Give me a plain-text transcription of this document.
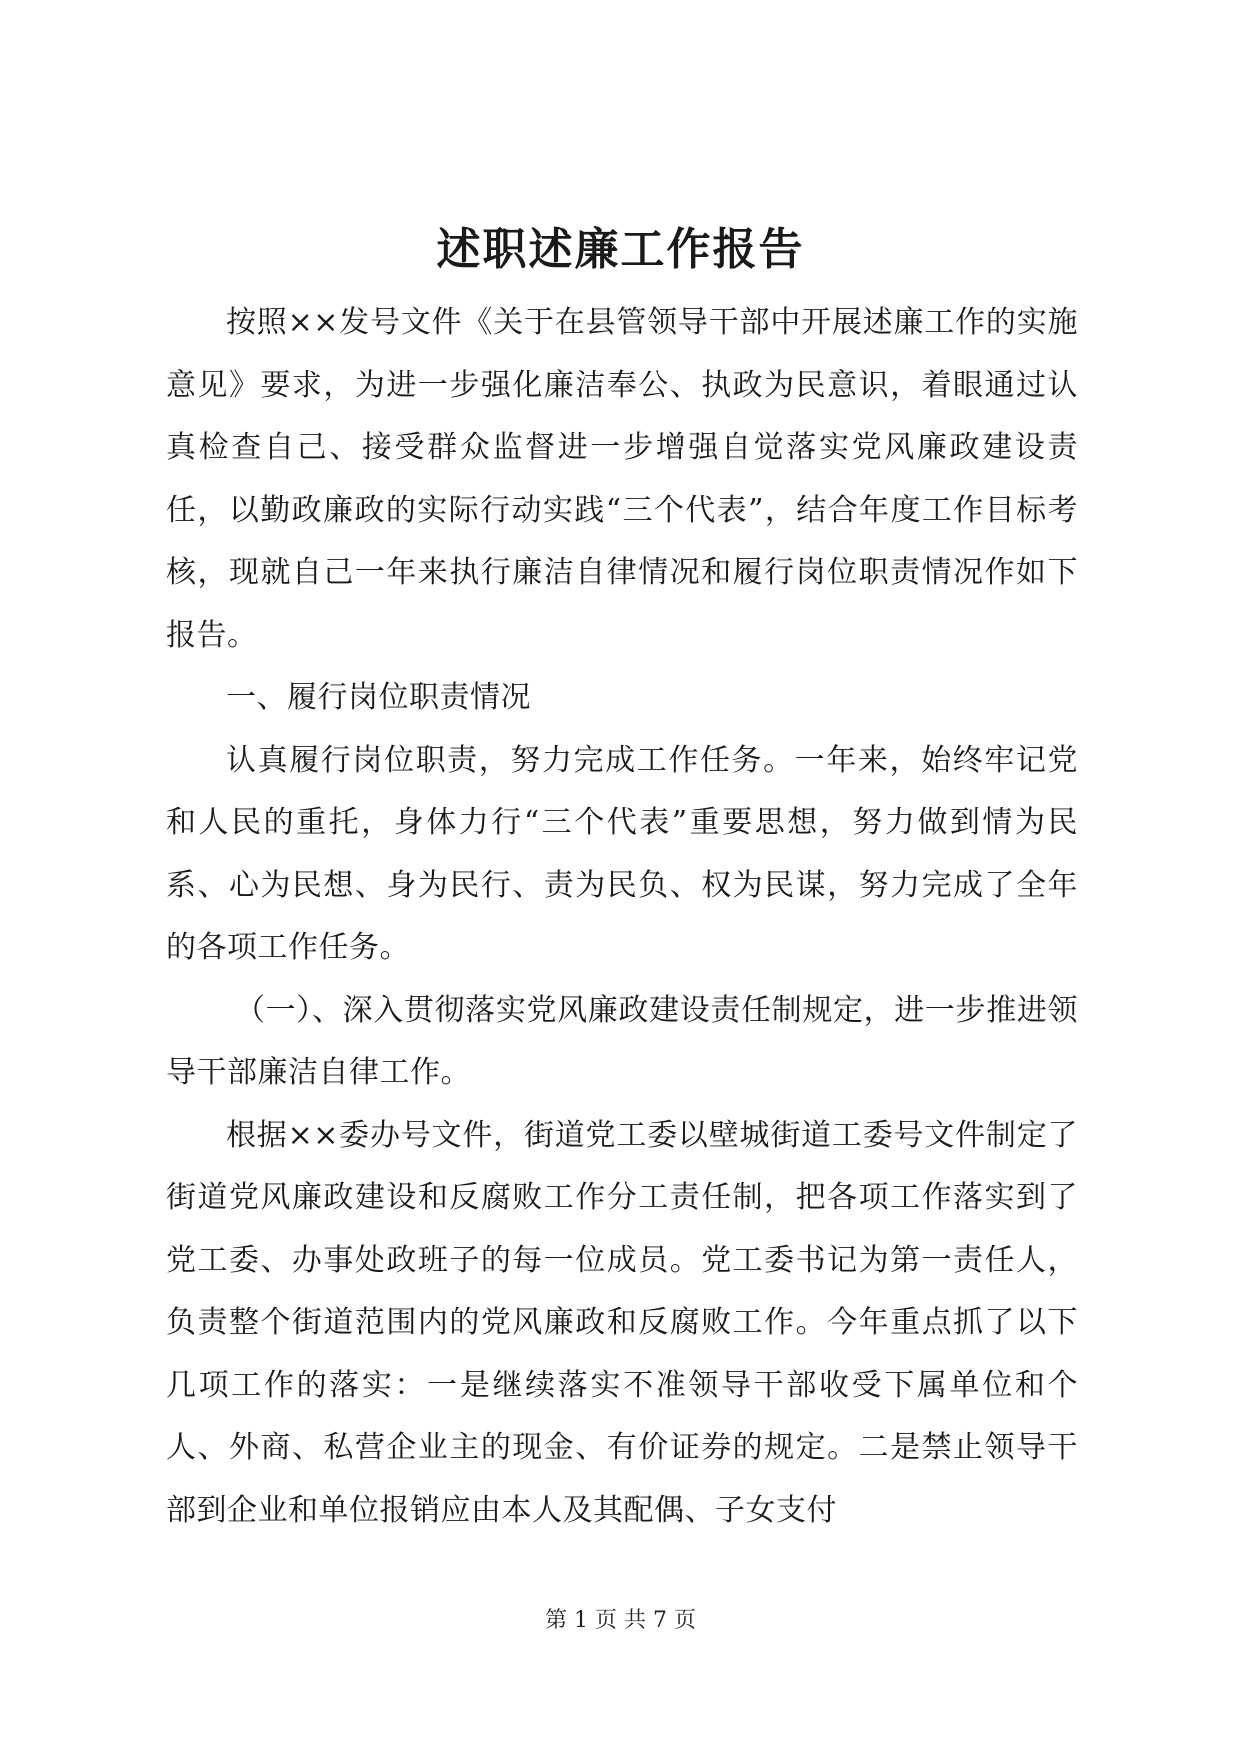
述职述廉工作报告

按照××发号文件《关于在县管领导干部中开展述廉工作的实施意见》要求，为进一步强化廉洁奉公、执政为民意识，着眼通过认真检查自己、接受群众监督进一步增强自觉落实党风廉政建设责任，以勤政廉政的实际行动实践“三个代表”，结合年度工作目标考核，现就自己一年来执行廉洁自律情况和履行岗位职责情况作如下报告。

一、履行岗位职责情况

认真履行岗位职责，努力完成工作任务。一年来，始终牢记党和人民的重托，身体力行“三个代表”重要思想，努力做到情为民系、心为民想、身为民行、责为民负、权为民谋，努力完成了全年的各项工作任务。

（一）、深入贯彻落实党风廉政建设责任制规定，进一步推进领导干部廉洁自律工作。

根据××委办号文件，街道党工委以壁城街道工委号文件制定了街道党风廉政建设和反腐败工作分工责任制，把各项工作落实到了党工委、办事处政班子的每一位成员。党工委书记为第一责任人，负责整个街道范围内的党风廉政和反腐败工作。今年重点抓了以下几项工作的落实：一是继续落实不准领导干部收受下属单位和个人、外商、私营企业主的现金、有价证券的规定。二是禁止领导干部到企业和单位报销应由本人及其配偶、子女支付

第 1 页 共 7 页
